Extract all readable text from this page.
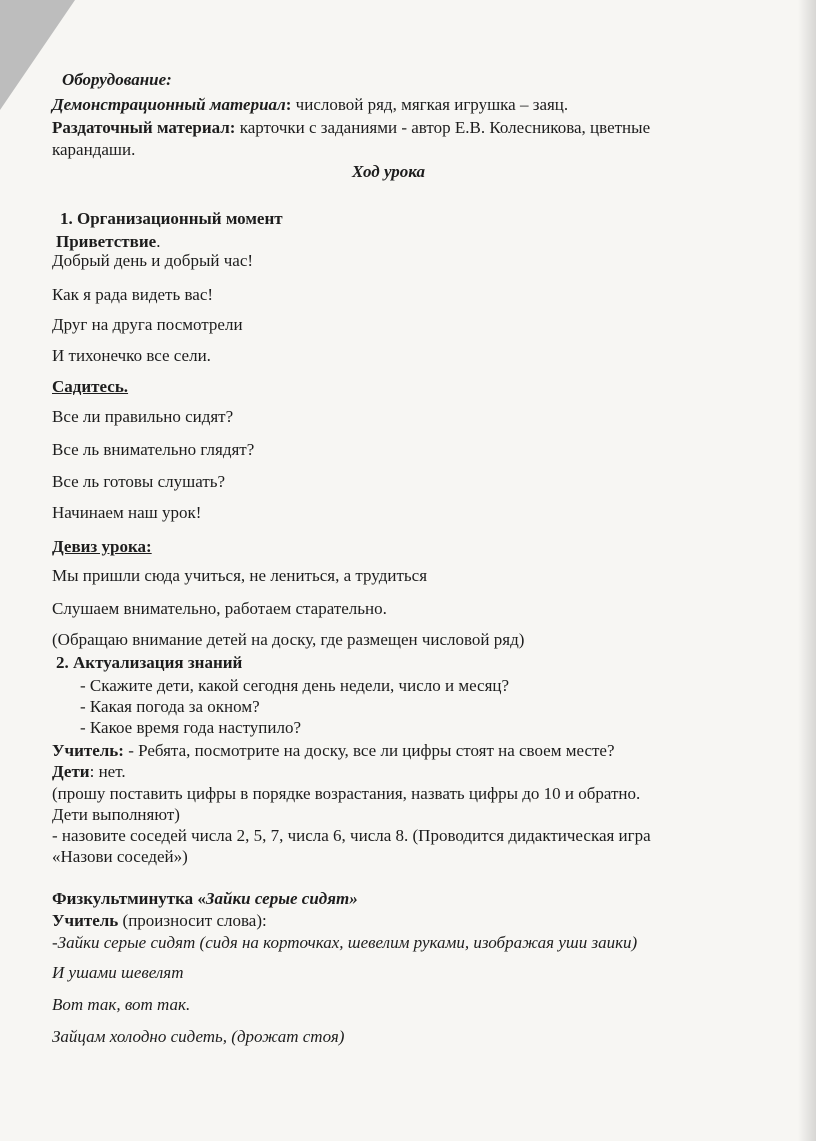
Оборудование:
Демонстрационный материал: числовой ряд, мягкая игрушка – заяц.
Раздаточный материал: карточки с заданиями - автор Е.В. Колесникова, цветные
карандаши.
Ход урока
1. Организационный момент
Приветствие.
Добрый день и добрый час!
Как я рада видеть вас!
Друг на друга посмотрели
И тихонечко все сели.
Садитесь.
Все ли правильно сидят?
Все ль внимательно глядят?
Все ль готовы слушать?
Начинаем наш урок!
Девиз урока:
Мы пришли сюда учиться, не лениться, а трудиться
Слушаем внимательно, работаем старательно.
(Обращаю внимание детей на доску, где размещен числовой ряд)
2. Актуализация знаний
- Скажите дети, какой сегодня день недели, число и месяц?
- Какая погода за окном?
- Какое время года наступило?
Учитель: - Ребята, посмотрите на доску, все ли цифры стоят на своем месте?
Дети: нет.
(прошу поставить цифры в порядке возрастания, назвать цифры до 10 и обратно.
Дети выполняют)
- назовите соседей числа 2, 5, 7, числа 6, числа 8. (Проводится дидактическая игра
«Назови соседей»)
Физкультминутка «Зайки серые сидят»
Учитель (произносит слова):
-Зайки серые сидят (сидя на корточках, шевелим руками, изображая уши заики)
И ушами шевелят
Вот так, вот так.
Зайцам холодно сидеть, (дрожат стоя)
